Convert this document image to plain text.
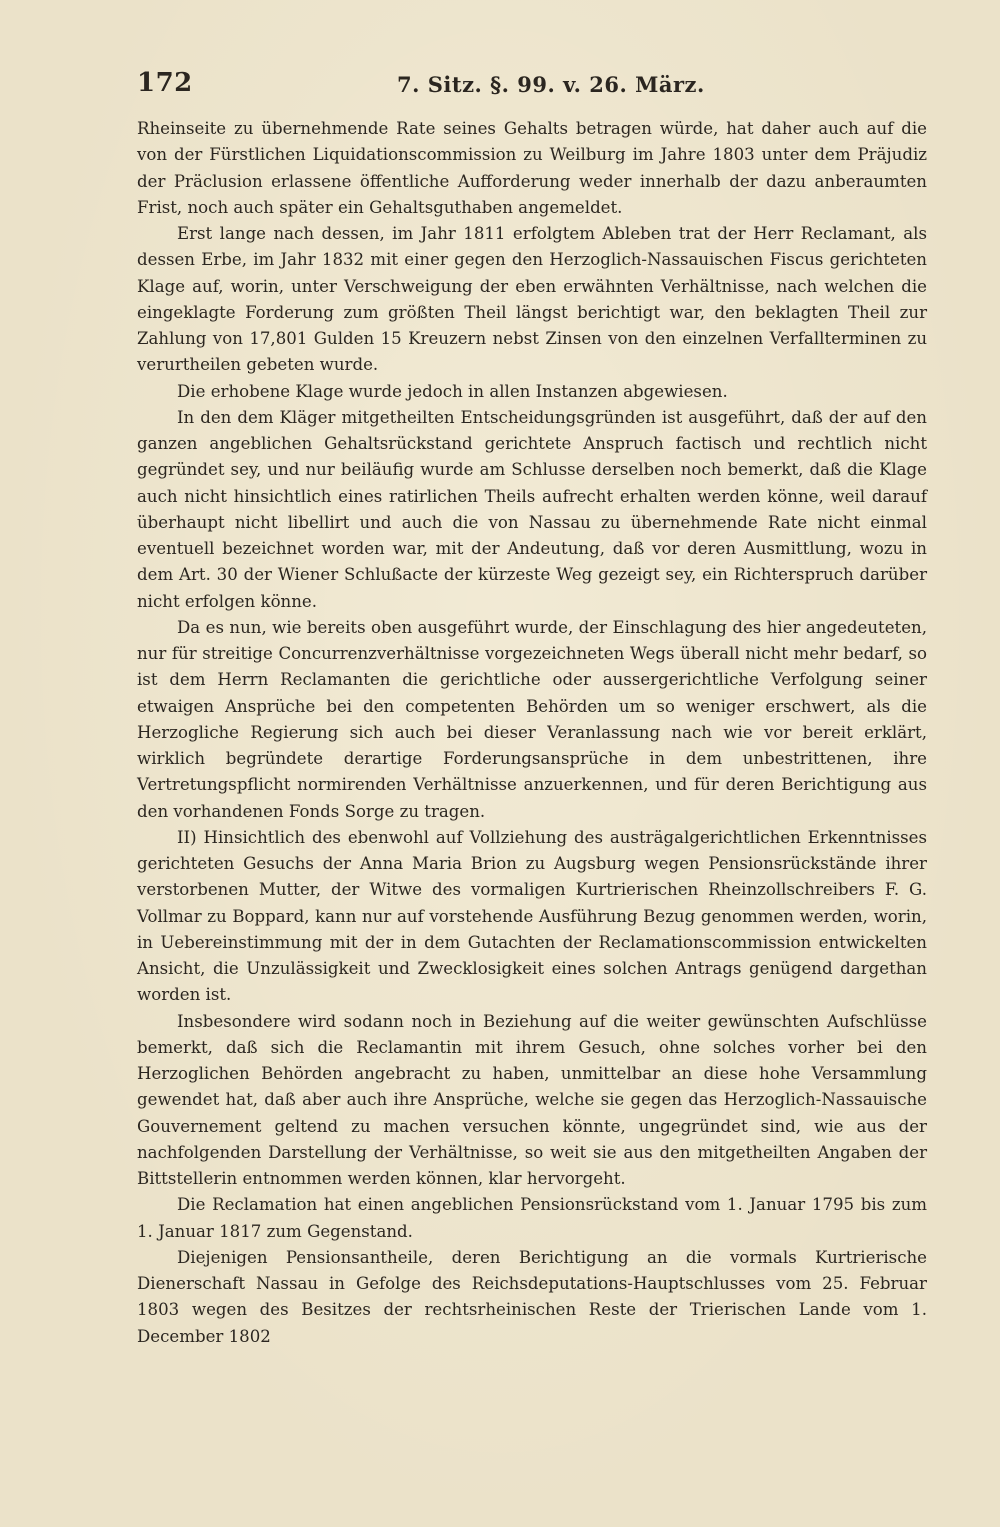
172	7. Sitz. §. 99. v. 26. März.

Rheinseite zu übernehmende Rate seines Gehalts betragen würde, hat daher auch auf die von der Fürstlichen Liquidationscommission zu Weilburg im Jahre 1803 unter dem Präjudiz der Präclusion erlassene öffentliche Aufforderung weder innerhalb der dazu anberaumten Frist, noch auch später ein Gehaltsguthaben angemeldet.

Erst lange nach dessen, im Jahr 1811 erfolgtem Ableben trat der Herr Reclamant, als dessen Erbe, im Jahr 1832 mit einer gegen den Herzoglich-Nassauischen Fiscus gerichteten Klage auf, worin, unter Verschweigung der eben erwähnten Verhältnisse, nach welchen die eingeklagte Forderung zum größten Theil längst berichtigt war, den beklagten Theil zur Zahlung von 17,801 Gulden 15 Kreuzern nebst Zinsen von den einzelnen Verfallterminen zu verurtheilen gebeten wurde.

Die erhobene Klage wurde jedoch in allen Instanzen abgewiesen.

In den dem Kläger mitgetheilten Entscheidungsgründen ist ausgeführt, daß der auf den ganzen angeblichen Gehaltsrückstand gerichtete Anspruch factisch und rechtlich nicht gegründet sey, und nur beiläufig wurde am Schlusse derselben noch bemerkt, daß die Klage auch nicht hinsichtlich eines ratirlichen Theils aufrecht erhalten werden könne, weil darauf überhaupt nicht libellirt und auch die von Nassau zu übernehmende Rate nicht einmal eventuell bezeichnet worden war, mit der Andeutung, daß vor deren Ausmittlung, wozu in dem Art. 30 der Wiener Schlußacte der kürzeste Weg gezeigt sey, ein Richterspruch darüber nicht erfolgen könne.

Da es nun, wie bereits oben ausgeführt wurde, der Einschlagung des hier angedeuteten, nur für streitige Concurrenzverhältnisse vorgezeichneten Wegs überall nicht mehr bedarf, so ist dem Herrn Reclamanten die gerichtliche oder aussergerichtliche Verfolgung seiner etwaigen Ansprüche bei den competenten Behörden um so weniger erschwert, als die Herzogliche Regierung sich auch bei dieser Veranlassung nach wie vor bereit erklärt, wirklich begründete derartige Forderungsansprüche in dem unbestrittenen, ihre Vertretungspflicht normirenden Verhältnisse anzuerkennen, und für deren Berichtigung aus den vorhandenen Fonds Sorge zu tragen.

II) Hinsichtlich des ebenwohl auf Vollziehung des austrägalgerichtlichen Erkenntnisses gerichteten Gesuchs der Anna Maria Brion zu Augsburg wegen Pensionsrückstände ihrer verstorbenen Mutter, der Witwe des vormaligen Kurtrierischen Rheinzollschreibers F. G. Vollmar zu Boppard, kann nur auf vorstehende Ausführung Bezug genommen werden, worin, in Uebereinstimmung mit der in dem Gutachten der Reclamationscommission entwickelten Ansicht, die Unzulässigkeit und Zwecklosigkeit eines solchen Antrags genügend dargethan worden ist.

Insbesondere wird sodann noch in Beziehung auf die weiter gewünschten Aufschlüsse bemerkt, daß sich die Reclamantin mit ihrem Gesuch, ohne solches vorher bei den Herzoglichen Behörden angebracht zu haben, unmittelbar an diese hohe Versammlung gewendet hat, daß aber auch ihre Ansprüche, welche sie gegen das Herzoglich-Nassauische Gouvernement geltend zu machen versuchen könnte, ungegründet sind, wie aus der nachfolgenden Darstellung der Verhältnisse, so weit sie aus den mitgetheilten Angaben der Bittstellerin entnommen werden können, klar hervorgeht.

Die Reclamation hat einen angeblichen Pensionsrückstand vom 1. Januar 1795 bis zum 1. Januar 1817 zum Gegenstand.

Diejenigen Pensionsantheile, deren Berichtigung an die vormals Kurtrierische Dienerschaft Nassau in Gefolge des Reichsdeputations-Hauptschlusses vom 25. Februar 1803 wegen des Besitzes der rechtsrheinischen Reste der Trierischen Lande vom 1. December 1802
